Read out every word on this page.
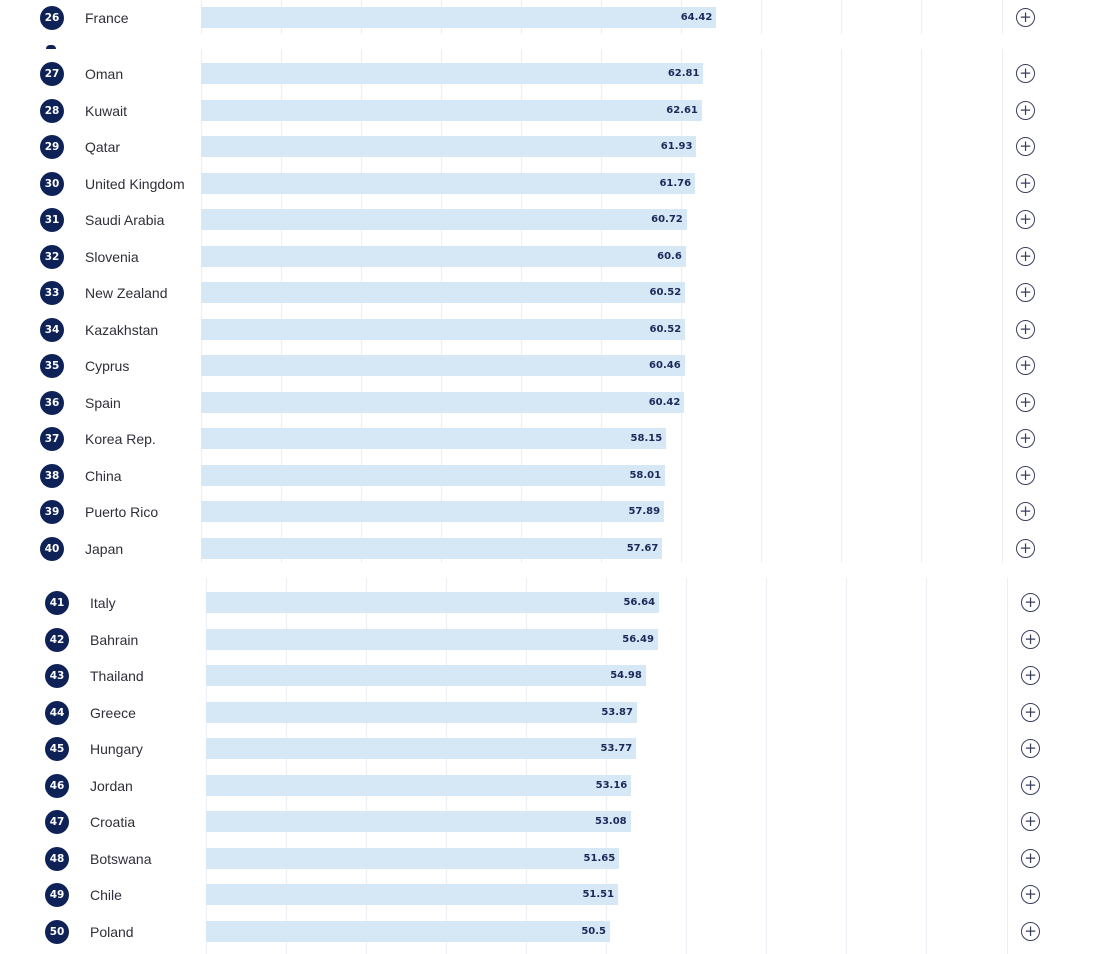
26	France	64.42	+
27	Oman	62.81	+
28	Kuwait	62.61	+
29	Qatar	61.93	+
30	United Kingdom	61.76	+
31	Saudi Arabia	60.72	+
32	Slovenia	60.6	+
33	New Zealand	60.52	+
34	Kazakhstan	60.52	+
35	Cyprus	60.46	+
36	Spain	60.42	+
37	Korea Rep.	58.15	+
38	China	58.01	+
39	Puerto Rico	57.89	+
40	Japan	57.67	+
41	Italy	56.64	+
42	Bahrain	56.49	+
43	Thailand	54.98	+
44	Greece	53.87	+
45	Hungary	53.77	+
46	Jordan	53.16	+
47	Croatia	53.08	+
48	Botswana	51.65	+
49	Chile	51.51	+
50	Poland	50.5	+
